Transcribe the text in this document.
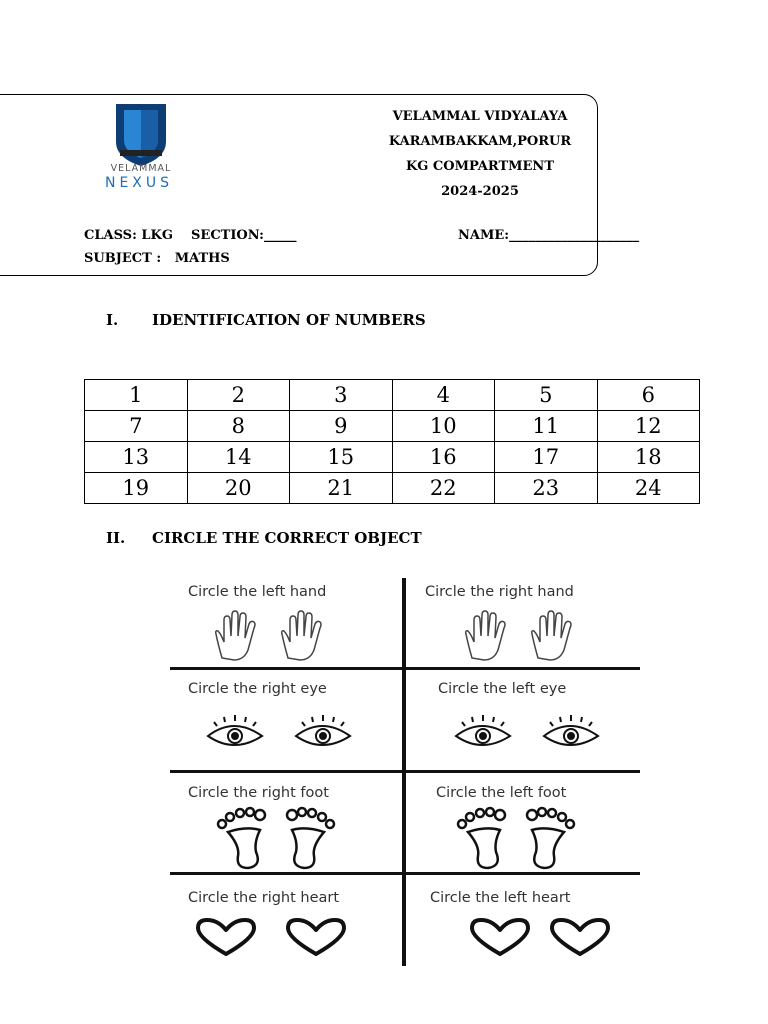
VELAMMAL
NEXUS
VELAMMAL VIDYALAYA
KARAMBAKKAM,PORUR
KG COMPARTMENT
2024-2025
CLASS: LKG    SECTION:_____	NAME:____________________
SUBJECT :   MATHS
I. IDENTIFICATION OF NUMBERS
1	2	3	4	5	6
7	8	9	10	11	12
13	14	15	16	17	18
19	20	21	22	23	24
II. CIRCLE THE CORRECT OBJECT
Circle the left hand	Circle the right hand
Circle the right eye	Circle the left eye
Circle the right foot	Circle the left foot
Circle the right heart	Circle the left heart
